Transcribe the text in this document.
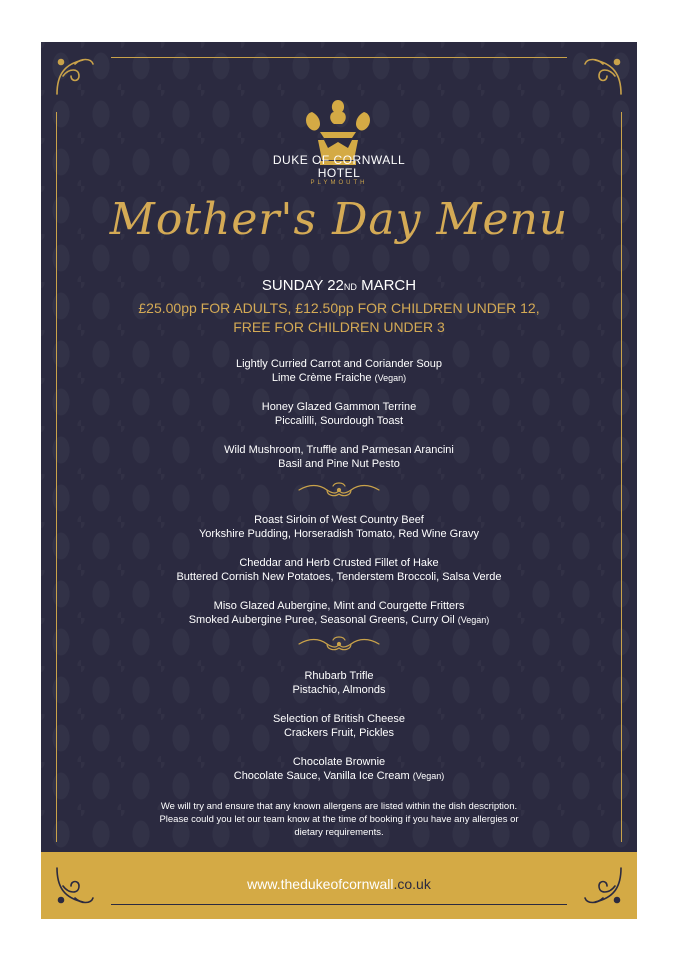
DUKE OF CORNWALL
HOTEL
PLYMOUTH
Mother's Day Menu
SUNDAY 22ND MARCH
£25.00pp FOR ADULTS, £12.50pp FOR CHILDREN UNDER 12,
FREE FOR CHILDREN UNDER 3
Lightly Curried Carrot and Coriander Soup
Lime Crème Fraiche (Vegan)
Honey Glazed Gammon Terrine
Piccalilli, Sourdough Toast
Wild Mushroom, Truffle and Parmesan Arancini
Basil and Pine Nut Pesto
Roast Sirloin of West Country Beef
Yorkshire Pudding, Horseradish Tomato, Red Wine Gravy
Cheddar and Herb Crusted Fillet of Hake
Buttered Cornish New Potatoes, Tenderstem Broccoli, Salsa Verde
Miso Glazed Aubergine, Mint and Courgette Fritters
Smoked Aubergine Puree, Seasonal Greens, Curry Oil (Vegan)
Rhubarb Trifle
Pistachio, Almonds
Selection of British Cheese
Crackers Fruit, Pickles
Chocolate Brownie
Chocolate Sauce, Vanilla Ice Cream (Vegan)
We will try and ensure that any known allergens are listed within the dish description.
Please could you let our team know at the time of booking if you have any allergies or
dietary requirements.
www.thedukeofcornwall.co.uk
